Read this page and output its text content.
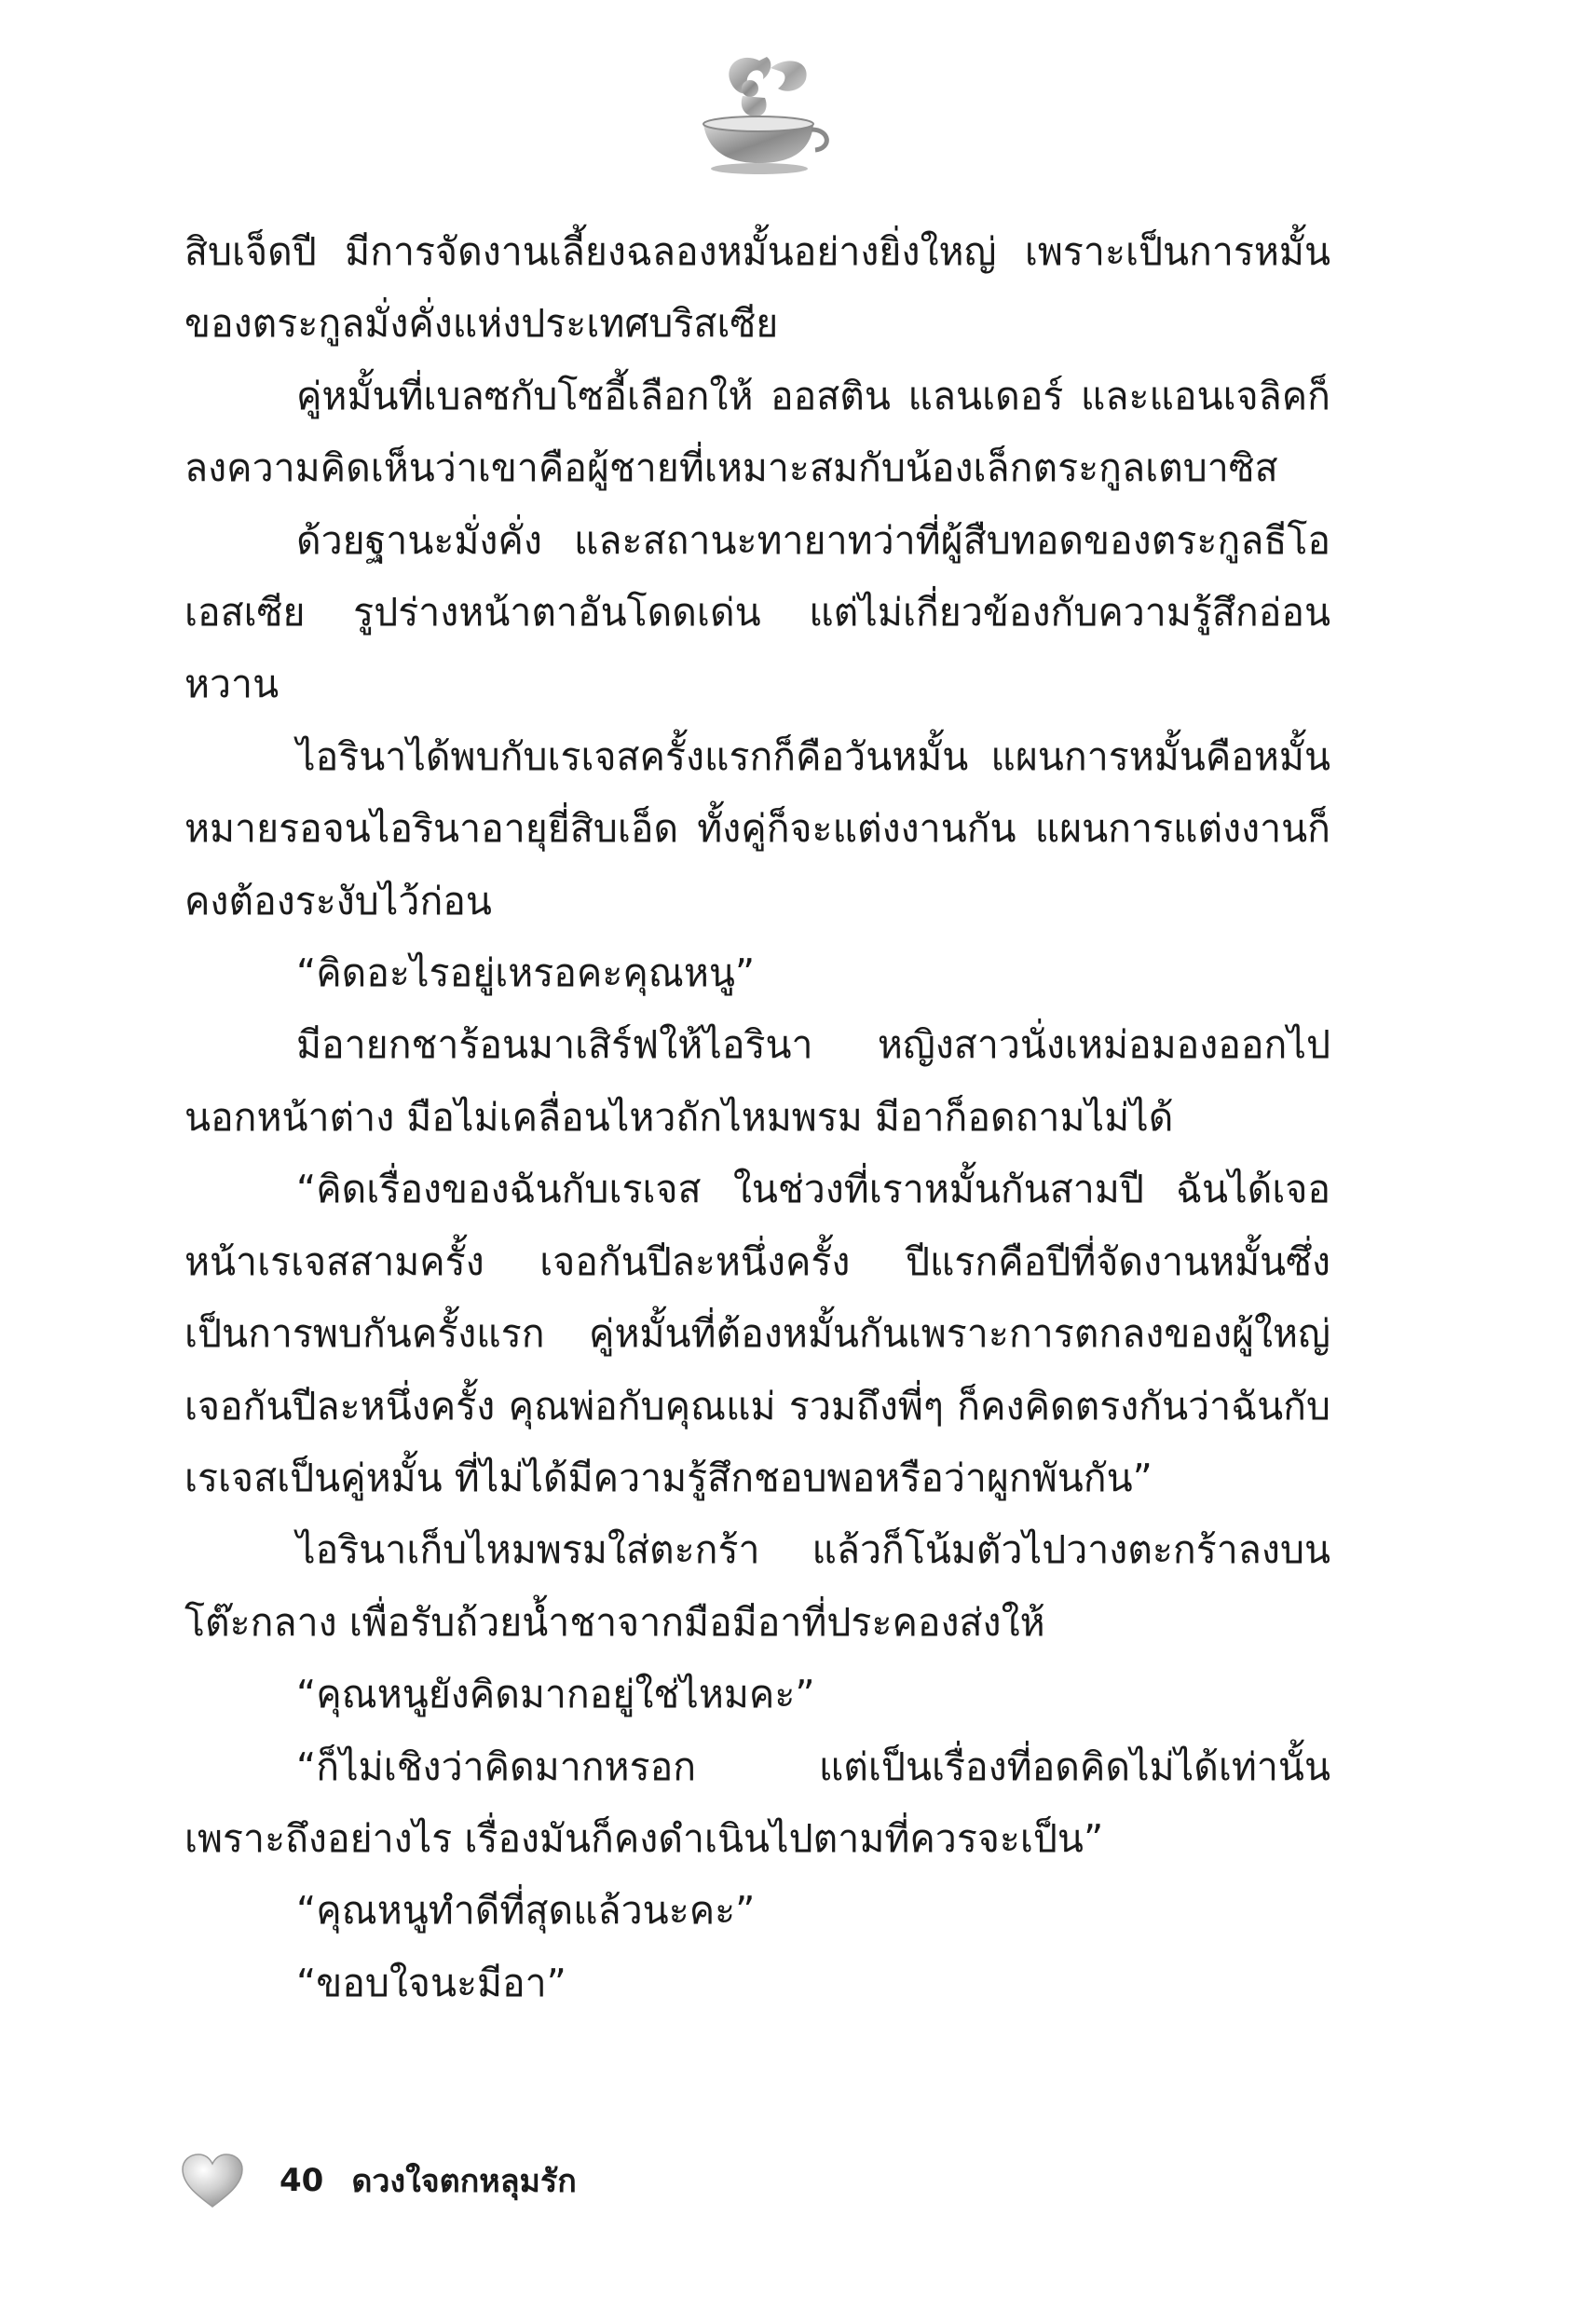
สิบเจ็ดปี มีการจัดงานเลี้ยงฉลองหมั้นอย่างยิ่งใหญ่ เพราะเป็นการหมั้นของตระกูลมั่งคั่งแห่งประเทศบริสเซีย

คู่หมั้นที่เบลซกับโซอี้เลือกให้ ออสติน แลนเดอร์ และแอนเจลิคก็ลงความคิดเห็นว่าเขาคือผู้ชายที่เหมาะสมกับน้องเล็กตระกูลเตบาซิส

ด้วยฐานะมั่งคั่ง และสถานะทายาทว่าที่ผู้สืบทอดของตระกูลธีโอเอสเซีย รูปร่างหน้าตาอันโดดเด่น แต่ไม่เกี่ยวข้องกับความรู้สึกอ่อนหวาน

ไอรินาได้พบกับเรเจสครั้งแรกก็คือวันหมั้น แผนการหมั้นคือหมั้นหมายรอจนไอรินาอายุยี่สิบเอ็ด ทั้งคู่ก็จะแต่งงานกัน แผนการแต่งงานก็คงต้องระงับไว้ก่อน

“คิดอะไรอยู่เหรอคะคุณหนู”

มีอายกชาร้อนมาเสิร์ฟให้ไอรินา หญิงสาวนั่งเหม่อมองออกไปนอกหน้าต่าง มือไม่เคลื่อนไหวถักไหมพรม มีอาก็อดถามไม่ได้

“คิดเรื่องของฉันกับเรเจส ในช่วงที่เราหมั้นกันสามปี ฉันได้เจอหน้าเรเจสสามครั้ง เจอกันปีละหนึ่งครั้ง ปีแรกคือปีที่จัดงานหมั้นซึ่งเป็นการพบกันครั้งแรก คู่หมั้นที่ต้องหมั้นกันเพราะการตกลงของผู้ใหญ่ เจอกันปีละหนึ่งครั้ง คุณพ่อกับคุณแม่ รวมถึงพี่ๆ ก็คงคิดตรงกันว่าฉันกับเรเจสเป็นคู่หมั้น ที่ไม่ได้มีความรู้สึกชอบพอหรือว่าผูกพันกัน”

ไอรินาเก็บไหมพรมใส่ตะกร้า แล้วก็โน้มตัวไปวางตะกร้าลงบนโต๊ะกลาง เพื่อรับถ้วยน้ำชาจากมือมีอาที่ประคองส่งให้

“คุณหนูยังคิดมากอยู่ใช่ไหมคะ”

“ก็ไม่เชิงว่าคิดมากหรอก แต่เป็นเรื่องที่อดคิดไม่ได้เท่านั้น เพราะถึงอย่างไร เรื่องมันก็คงดำเนินไปตามที่ควรจะเป็น”

“คุณหนูทำดีที่สุดแล้วนะคะ”

“ขอบใจนะมีอา”

40 ดวงใจตกหลุมรัก
